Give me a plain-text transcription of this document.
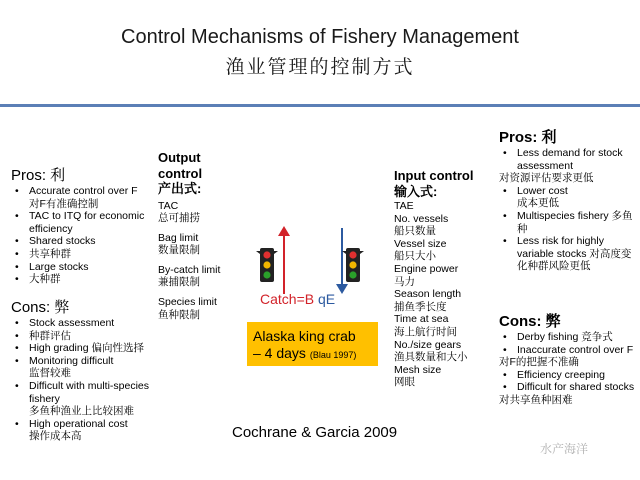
Control Mechanisms of Fishery Management
渔业管理的控制方式
Pros: 利
• Accurate control over F
对F有准确控制
• TAC to ITQ for economic efficiency
• Shared stocks
• 共享种群
• Large stocks
• 大种群
Cons: 弊
• Stock assessment
• 种群评估
• High grading 偏向性选择
• Monitoring difficult
监督较难
• Difficult with multi-species fishery
多鱼种渔业上比较困难
• High operational cost
操作成本高
Output control
产出式:
TAC
总可捕捞
Bag limit
数量限制
By-catch limit
兼捕限制
Species limit
鱼种限制
Catch=B qE
Alaska king crab
– 4 days (Blau 1997)
Input control
输入式:
TAE
No. vessels
船只数量
Vessel size
船只大小
Engine power
马力
Season length
捕鱼季长度
Time at sea
海上航行时间
No./size gears
渔具数量和大小
Mesh size
网眼
Pros: 利
• Less demand for stock assessment
对资源评估要求更低
• Lower cost
成本更低
• Multispecies fishery 多鱼种
• Less risk for highly variable stocks 对高度变化种群风险更低
Cons: 弊
• Derby fishing 竞争式
• Inaccurate control over F
对F的把握不准确
• Efficiency creeping
• Difficult for shared stocks
对共享鱼种困难
Cochrane & Garcia 2009
水产海洋
